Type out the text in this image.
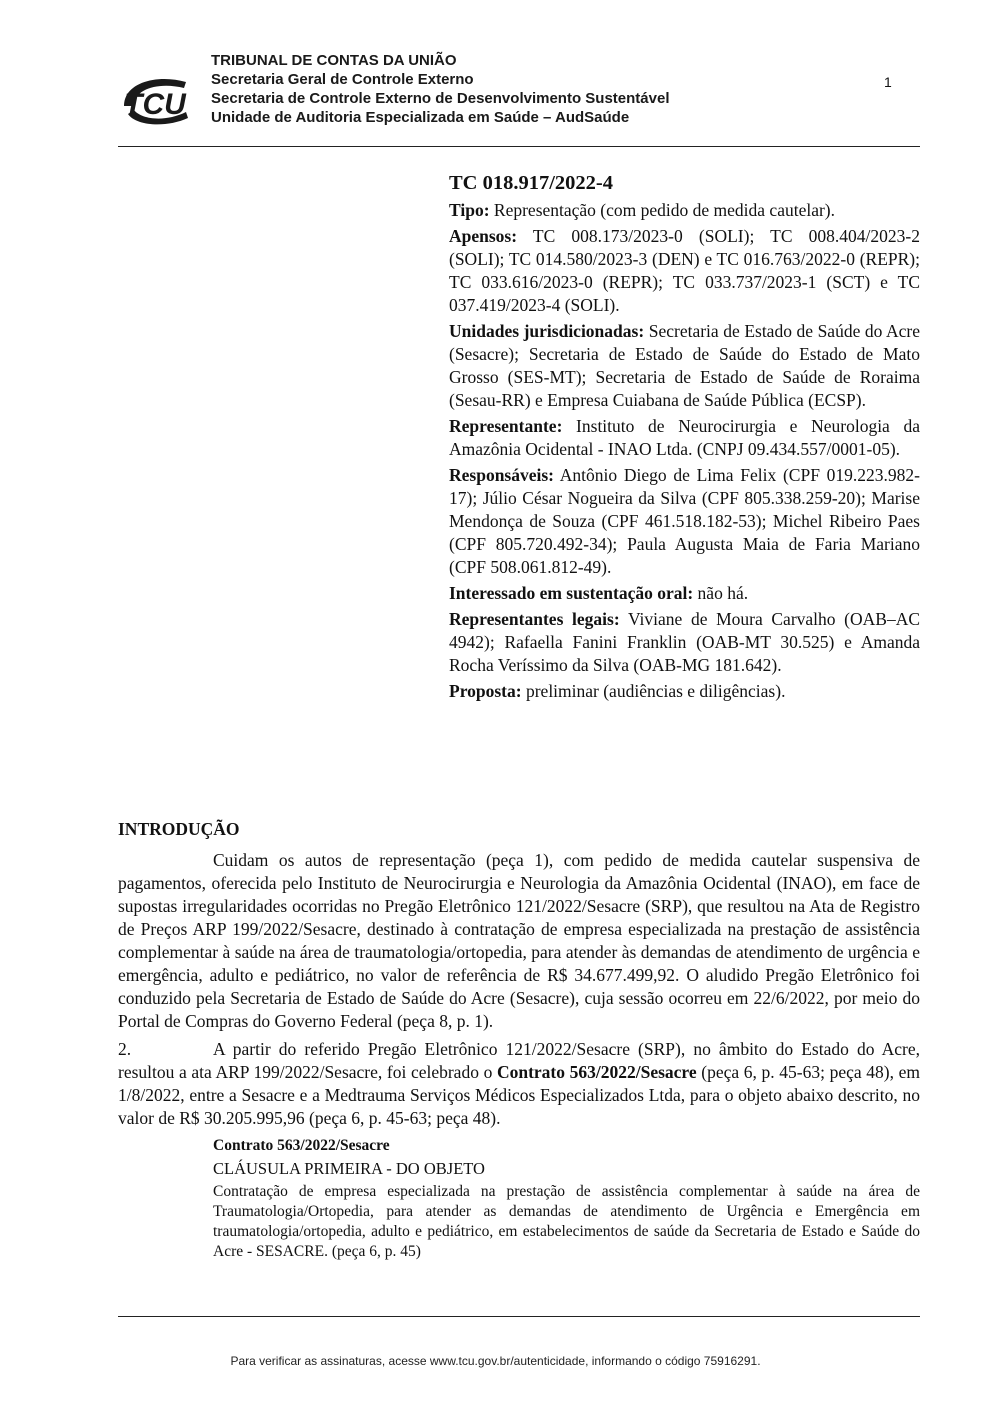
TCU
TRIBUNAL DE CONTAS DA UNIÃO
Secretaria Geral de Controle Externo
Secretaria de Controle Externo de Desenvolvimento Sustentável
Unidade de Auditoria Especializada em Saúde – AudSaúde
1
TC 018.917/2022-4

Tipo: Representação (com pedido de medida cautelar).

Apensos: TC 008.173/2023-0 (SOLI); TC 008.404/2023-2 (SOLI); TC 014.580/2023-3 (DEN) e TC 016.763/2022-0 (REPR); TC 033.616/2023-0 (REPR); TC 033.737/2023-1 (SCT) e TC 037.419/2023-4 (SOLI).

Unidades jurisdicionadas: Secretaria de Estado de Saúde do Acre (Sesacre); Secretaria de Estado de Saúde do Estado de Mato Grosso (SES-MT); Secretaria de Estado de Saúde de Roraima (Sesau-RR) e Empresa Cuiabana de Saúde Pública (ECSP).

Representante: Instituto de Neurocirurgia e Neurologia da Amazônia Ocidental - INAO Ltda. (CNPJ 09.434.557/0001-05).

Responsáveis: Antônio Diego de Lima Felix (CPF 019.223.982-17); Júlio César Nogueira da Silva (CPF 805.338.259-20); Marise Mendonça de Souza (CPF 461.518.182-53); Michel Ribeiro Paes (CPF 805.720.492-34); Paula Augusta Maia de Faria Mariano (CPF 508.061.812-49).

Interessado em sustentação oral: não há.

Representantes legais: Viviane de Moura Carvalho (OAB–AC 4942); Rafaella Fanini Franklin (OAB-MT 30.525) e Amanda Rocha Veríssimo da Silva (OAB-MG 181.642).

Proposta: preliminar (audiências e diligências).

INTRODUÇÃO

Cuidam os autos de representação (peça 1), com pedido de medida cautelar suspensiva de pagamentos, oferecida pelo Instituto de Neurocirurgia e Neurologia da Amazônia Ocidental (INAO), em face de supostas irregularidades ocorridas no Pregão Eletrônico 121/2022/Sesacre (SRP), que resultou na Ata de Registro de Preços ARP 199/2022/Sesacre, destinado à contratação de empresa especializada na prestação de assistência complementar à saúde na área de traumatologia/ortopedia, para atender às demandas de atendimento de urgência e emergência, adulto e pediátrico, no valor de referência de R$ 34.677.499,92. O aludido Pregão Eletrônico foi conduzido pela Secretaria de Estado de Saúde do Acre (Sesacre), cuja sessão ocorreu em 22/6/2022, por meio do Portal de Compras do Governo Federal (peça 8, p. 1).

2.	A partir do referido Pregão Eletrônico 121/2022/Sesacre (SRP), no âmbito do Estado do Acre, resultou a ata ARP 199/2022/Sesacre, foi celebrado o Contrato 563/2022/Sesacre (peça 6, p. 45-63; peça 48), em 1/8/2022, entre a Sesacre e a Medtrauma Serviços Médicos Especializados Ltda, para o objeto abaixo descrito, no valor de R$ 30.205.995,96 (peça 6, p. 45-63; peça 48).

Contrato 563/2022/Sesacre
CLÁUSULA PRIMEIRA - DO OBJETO
Contratação de empresa especializada na prestação de assistência complementar à saúde na área de Traumatologia/Ortopedia, para atender as demandas de atendimento de Urgência e Emergência em traumatologia/ortopedia, adulto e pediátrico, em estabelecimentos de saúde da Secretaria de Estado e Saúde do Acre - SESACRE. (peça 6, p. 45)
Para verificar as assinaturas, acesse www.tcu.gov.br/autenticidade, informando o código 75916291.
